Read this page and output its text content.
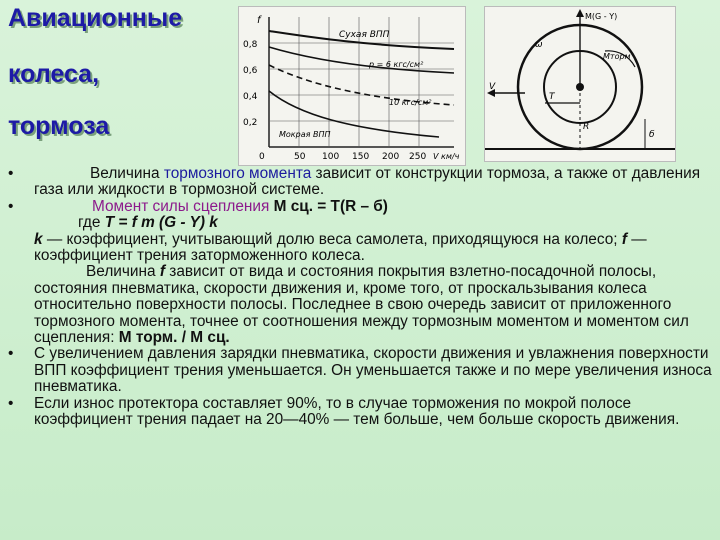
Авиационные
колеса,
тормоза
f
0,8
0,6
0,4
0,2
0	50 100 150 200 250 V км/ч
Сухая ВПП
p = 6 кгс/см²
10 кгс/см²
Мокрая ВПП
M(G - Y)
ω
Mторм
V
T
R
б

•	Величина тормозного момента зависит от конструкции тормоза, а также от давления газа или жидкости в тормозной системе.

•	Момент силы сцепления М сц. = Т(R – б)

где Т = f т (G - Y) k

k — коэффициент, учитывающий долю веса самолета, приходящуюся на колесо; f — коэффициент трения заторможенного колеса.

Величина f зависит от вида и состояния покрытия взлетно-посадочной полосы, состояния пневматика, скорости движения и, кроме того, от проскальзывания колеса относительно поверхности полосы. Последнее в свою очередь зависит от приложенного тормозного момента, точнее от соотношения между тормозным моментом и моментом сил сцепления: М торм. / М сц.

• С увеличением давления зарядки пневматика, скорости движения и увлажнения поверхности ВПП коэффициент трения уменьшается. Он уменьшается также и по мере увеличения износа пневматика.

• Если износ протектора составляет 90%, то в случае торможения по мокрой полосе коэффициент трения падает на 20—40% — тем больше, чем больше скорость движения.
